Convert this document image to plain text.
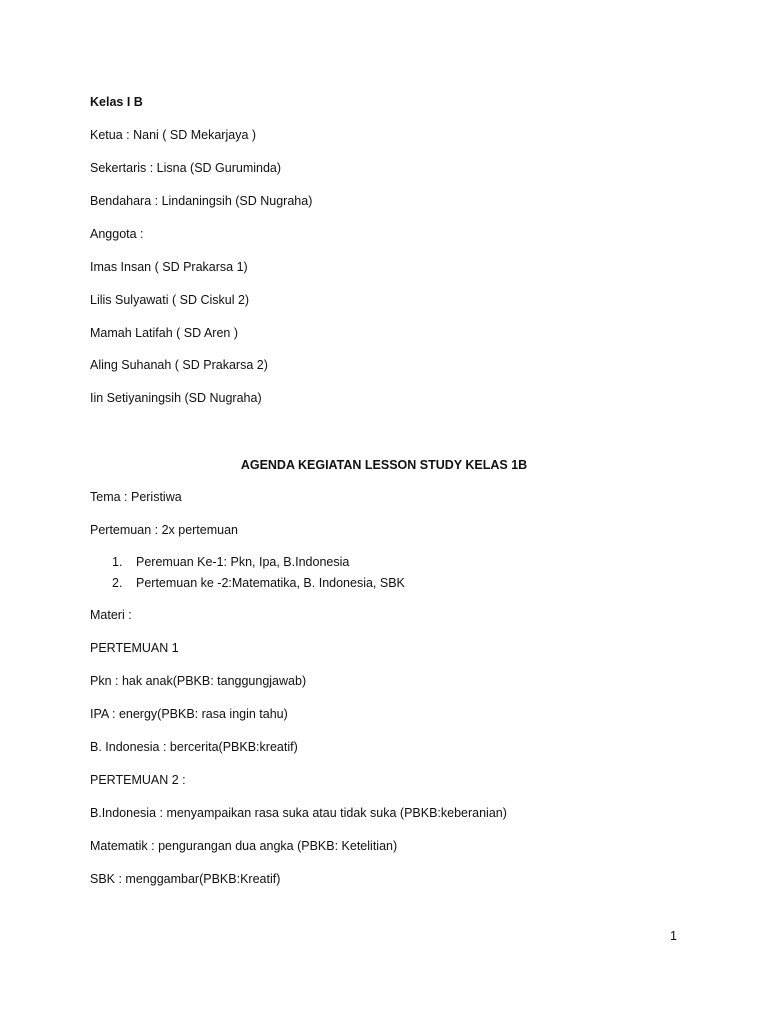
Kelas I B
Ketua : Nani ( SD Mekarjaya )
Sekertaris : Lisna (SD Guruminda)
Bendahara : Lindaningsih (SD Nugraha)
Anggota :
Imas Insan ( SD Prakarsa 1)
Lilis Sulyawati ( SD Ciskul 2)
Mamah Latifah ( SD Aren )
Aling Suhanah ( SD Prakarsa 2)
Iin Setiyaningsih (SD Nugraha)
AGENDA KEGIATAN LESSON STUDY KELAS 1B
Tema : Peristiwa
Pertemuan : 2x pertemuan
1. Peremuan Ke-1: Pkn, Ipa, B.Indonesia
2. Pertemuan ke -2:Matematika, B. Indonesia, SBK
Materi :
PERTEMUAN 1
Pkn : hak anak(PBKB: tanggungjawab)
IPA : energy(PBKB: rasa ingin tahu)
B. Indonesia : bercerita(PBKB:kreatif)
PERTEMUAN 2 :
B.Indonesia : menyampaikan rasa suka atau tidak suka (PBKB:keberanian)
Matematik : pengurangan dua angka (PBKB: Ketelitian)
SBK : menggambar(PBKB:Kreatif)
1
